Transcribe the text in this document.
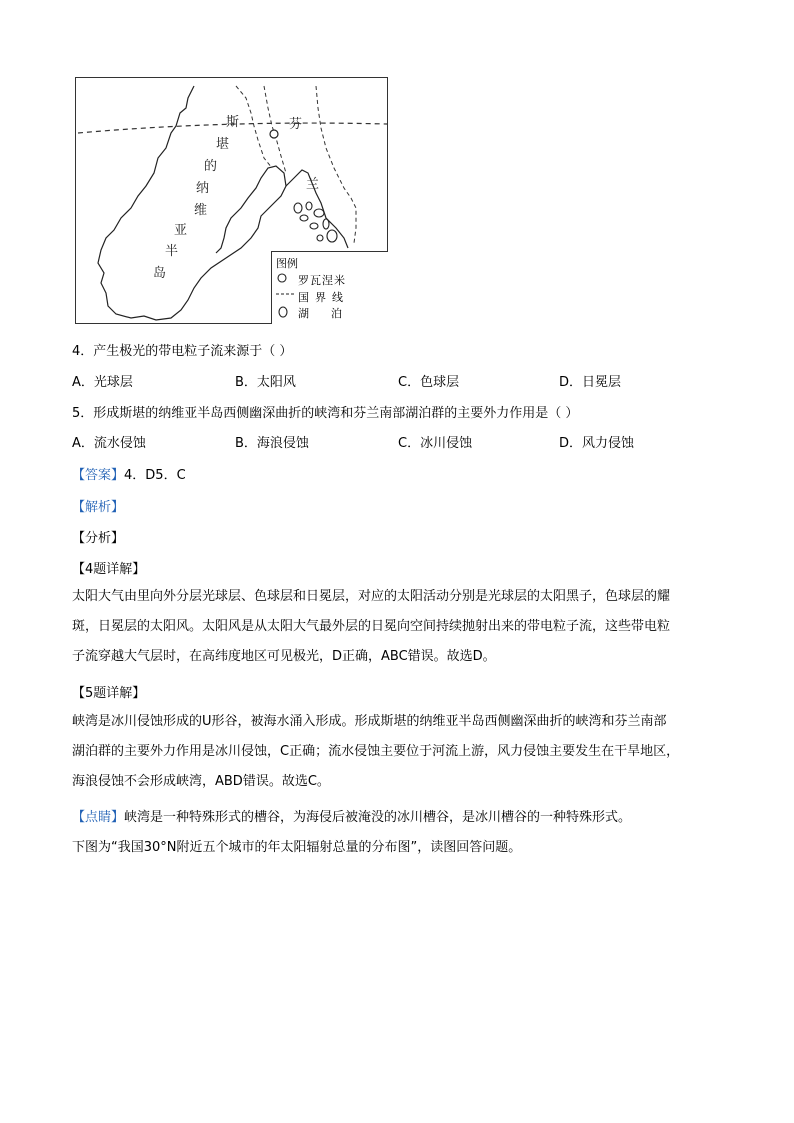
斯
堪
的
纳
维
亚
半
岛
芬
兰
图例
罗瓦涅米
国界线
湖泊
4．产生极光的带电粒子流来源于（ ）
A．光球层	B．太阳风	C．色球层	D．日冕层
5．形成斯堪的纳维亚半岛西侧幽深曲折的峡湾和芬兰南部湖泊群的主要外力作用是（ ）
A．流水侵蚀	B．海浪侵蚀	C．冰川侵蚀	D．风力侵蚀
【答案】4．D5．C
【解析】
【分析】
【4题详解】
太阳大气由里向外分层光球层、色球层和日冕层，对应的太阳活动分别是光球层的太阳黑子，色球层的耀
斑，日冕层的太阳风。太阳风是从太阳大气最外层的日冕向空间持续抛射出来的带电粒子流，这些带电粒
子流穿越大气层时，在高纬度地区可见极光，D正确，ABC错误。故选D。
【5题详解】
峡湾是冰川侵蚀形成的U形谷，被海水涌入形成。形成斯堪的纳维亚半岛西侧幽深曲折的峡湾和芬兰南部
湖泊群的主要外力作用是冰川侵蚀，C正确；流水侵蚀主要位于河流上游，风力侵蚀主要发生在干旱地区，
海浪侵蚀不会形成峡湾，ABD错误。故选C。
【点睛】峡湾是一种特殊形式的槽谷，为海侵后被淹没的冰川槽谷，是冰川槽谷的一种特殊形式。
下图为“我国30°N附近五个城市的年太阳辐射总量的分布图”，读图回答问题。
